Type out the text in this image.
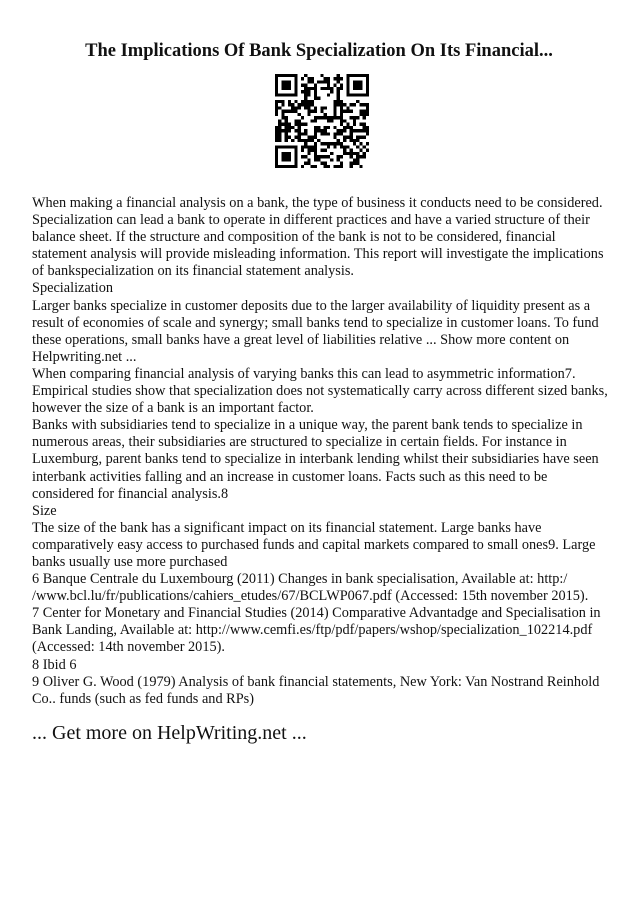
The Implications Of Bank Specialization On Its Financial...

When making a financial analysis on a bank, the type of business it conducts need to be considered. Specialization can lead a bank to operate in different practices and have a varied structure of their balance sheet. If the structure and composition of the bank is not to be considered, financial statement analysis will provide misleading information. This report will investigate the implications of bankspecialization on its financial statement analysis.

Specialization

Larger banks specialize in customer deposits due to the larger availability of liquidity present as a result of economies of scale and synergy; small banks tend to specialize in customer loans. To fund these operations, small banks have a great level of liabilities relative ... Show more content on Helpwriting.net ...

When comparing financial analysis of varying banks this can lead to asymmetric information7. Empirical studies show that specialization does not systematically carry across different sized banks, however the size of a bank is an important factor.

Banks with subsidiaries tend to specialize in a unique way, the parent bank tends to specialize in numerous areas, their subsidiaries are structured to specialize in certain fields. For instance in Luxemburg, parent banks tend to specialize in interbank lending whilst their subsidiaries have seen interbank activities falling and an increase in customer loans. Facts such as this need to be considered for financial analysis.8

Size

The size of the bank has a significant impact on its financial statement. Large banks have comparatively easy access to purchased funds and capital markets compared to small ones9. Large banks usually use more purchased

6 Banque Centrale du Luxembourg (2011) Changes in bank specialisation, Available at: http:/ /www.bcl.lu/fr/publications/cahiers_etudes/67/BCLWP067.pdf (Accessed: 15th november 2015).

7 Center for Monetary and Financial Studies (2014) Comparative Advantadge and Specialisation in Bank Landing, Available at: http://www.cemfi.es/ftp/pdf/papers/wshop/specialization_102214.pdf (Accessed: 14th november 2015).

8 Ibid 6

9 Oliver G. Wood (1979) Analysis of bank financial statements, New York: Van Nostrand Reinhold Co.. funds (such as fed funds and RPs)

... Get more on HelpWriting.net ...
